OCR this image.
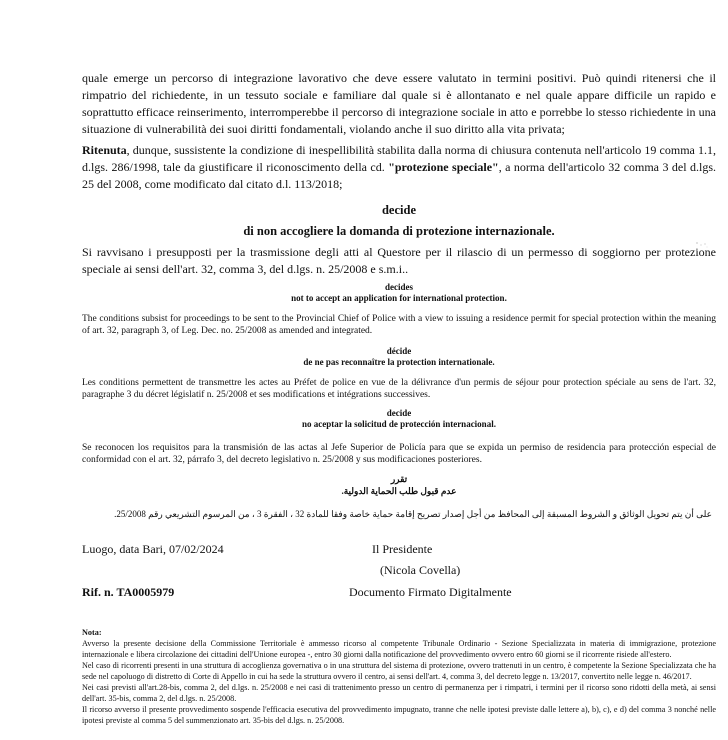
quale emerge un percorso di integrazione lavorativo che deve essere valutato in termini positivi. Può quindi ritenersi che il rimpatrio del richiedente, in un tessuto sociale e familiare dal quale si è allontanato e nel quale appare difficile un rapido e soprattutto efficace reinserimento, interromperebbe il percorso di integrazione sociale in atto e porrebbe lo stesso richiedente in una situazione di vulnerabilità dei suoi diritti fondamentali, violando anche il suo diritto alla vita privata;

Ritenuta, dunque, sussistente la condizione di inespellibilità stabilita dalla norma di chiusura contenuta nell'articolo 19 comma 1.1, d.lgs. 286/1998, tale da giustificare il riconoscimento della cd. "protezione speciale", a norma dell'articolo 32 comma 3 del d.lgs. 25 del 2008, come modificato dal citato d.l. 113/2018;

decide

di non accogliere la domanda di protezione internazionale.

Si ravvisano i presupposti per la trasmissione degli atti al Questore per il rilascio di un permesso di soggiorno per protezione speciale ai sensi dell'art. 32, comma 3, del d.lgs. n. 25/2008 e s.m.i..

decides

not to accept an application for international protection.

The conditions subsist for proceedings to be sent to the Provincial Chief of Police with a view to issuing a residence permit for special protection within the meaning of art. 32, paragraph 3, of Leg. Dec. no. 25/2008 as amended and integrated.

décide

de ne pas reconnaître la protection internationale.

Les conditions permettent de transmettre les actes au Préfet de police en vue de la délivrance d'un permis de séjour pour protection spéciale au sens de l'art. 32, paragraphe 3 du décret législatif n. 25/2008 et ses modifications et intégrations successives.

decide

no aceptar la solicitud de protección internacional.

Se reconocen los requisitos para la transmisión de las actas al Jefe Superior de Policía para que se expida un permiso de residencia para protección especial de conformidad con el art. 32, párrafo 3, del decreto legislativo n. 25/2008 y sus modificaciones posteriores.

تقرر

عدم قبول طلب الحماية الدولية.

على أن يتم تحويل الوثائق و الشروط المسبقة إلى المحافظ من أجل إصدار تصريح إقامة حماية خاصة وفقا للمادة 32 ، الفقرة 3 ، من المرسوم التشريعي رقم 25/2008.

Luogo, data Bari, 07/02/2024	Il Presidente

(Nicola Covella)

Rif. n. TA0005979	Documento Firmato Digitalmente

Nota:

Avverso la presente decisione della Commissione Territoriale è ammesso ricorso al competente Tribunale Ordinario - Sezione Specializzata in materia di immigrazione, protezione internazionale e libera circolazione dei cittadini dell'Unione europea -, entro 30 giorni dalla notificazione del provvedimento ovvero entro 60 giorni se il ricorrente risiede all'estero.

Nel caso di ricorrenti presenti in una struttura di accoglienza governativa o in una struttura del sistema di protezione, ovvero trattenuti in un centro, è competente la Sezione Specializzata che ha sede nel capoluogo di distretto di Corte di Appello in cui ha sede la struttura ovvero il centro, ai sensi dell'art. 4, comma 3, del decreto legge n. 13/2017, convertito nelle legge n. 46/2017.

Nei casi previsti all'art.28-bis, comma 2, del d.lgs. n. 25/2008 e nei casi di trattenimento presso un centro di permanenza per i rimpatri, i termini per il ricorso sono ridotti della metà, ai sensi dell'art. 35-bis, comma 2, del d.lgs. n. 25/2008.

Il ricorso avverso il presente provvedimento sospende l'efficacia esecutiva del provvedimento impugnato, tranne che nelle ipotesi previste dalle lettere a), b), c), e d) del comma 3 nonché nelle ipotesi previste al comma 5 del summenzionato art. 35-bis del d.lgs. n. 25/2008.
